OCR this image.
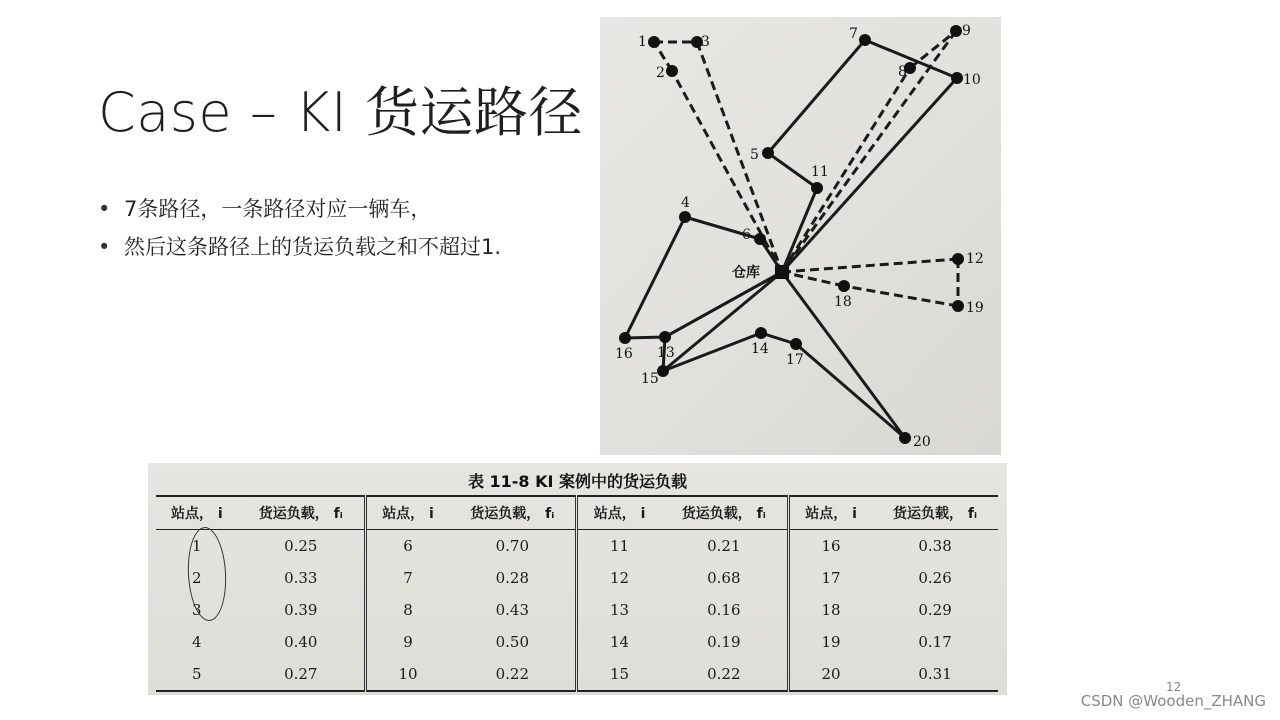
Case – KI 货运路径
• 7条路径，一条路径对应一辆车，
• 然后这条路径上的货运负载之和不超过1.
1
2
3
4
5
6
7
8
9
10
11
12
13	14
15
16	17
18	19
20
仓库
表 11-8 KI 案例中的货运负载
站点， i	货运负载， fᵢ	站点， i	货运负载， fᵢ	站点， i	货运负载， fᵢ	站点， i	货运负载， fᵢ
1	0.25	6	0.70	11	0.21	16	0.38
2	0.33	7	0.28	12	0.68	17	0.26
3	0.39	8	0.43	13	0.16	18	0.29
4	0.40	9	0.50	14	0.19	19	0.17
5	0.27	10	0.22	15	0.22	20	0.31
12
CSDN @Wooden_ZHANG
